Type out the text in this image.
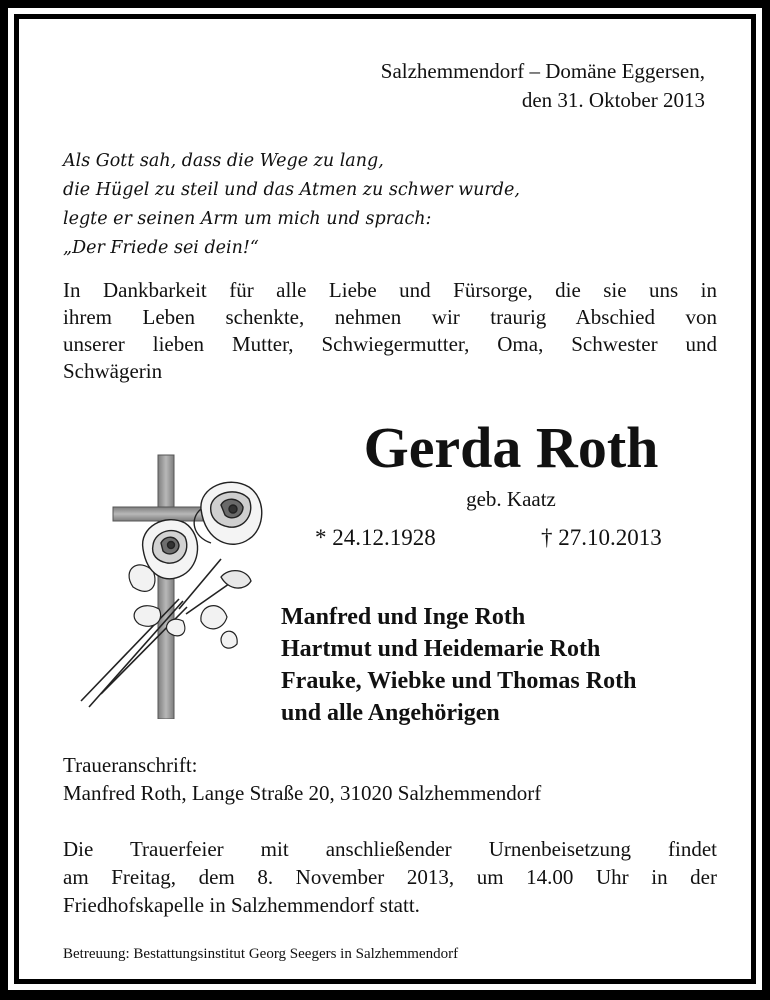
Salzhemmendorf – Domäne Eggersen,
den 31. Oktober 2013
Als Gott sah, dass die Wege zu lang,
die Hügel zu steil und das Atmen zu schwer wurde,
legte er seinen Arm um mich und sprach:
„Der Friede sei dein!“
In Dankbarkeit für alle Liebe und Fürsorge, die sie uns in
ihrem Leben schenkte, nehmen wir traurig Abschied von
unserer lieben Mutter, Schwiegermutter, Oma, Schwester und
Schwägerin
Gerda Roth
geb. Kaatz
* 24.12.1928	† 27.10.2013
Manfred und Inge Roth
Hartmut und Heidemarie Roth
Frauke, Wiebke und Thomas Roth
und alle Angehörigen
Traueranschrift:
Manfred Roth, Lange Straße 20, 31020 Salzhemmendorf
Die Trauerfeier mit anschließender Urnenbeisetzung findet
am Freitag, dem 8. November 2013, um 14.00 Uhr in der
Friedhofskapelle in Salzhemmendorf statt.
Betreuung: Bestattungsinstitut Georg Seegers in Salzhemmendorf
